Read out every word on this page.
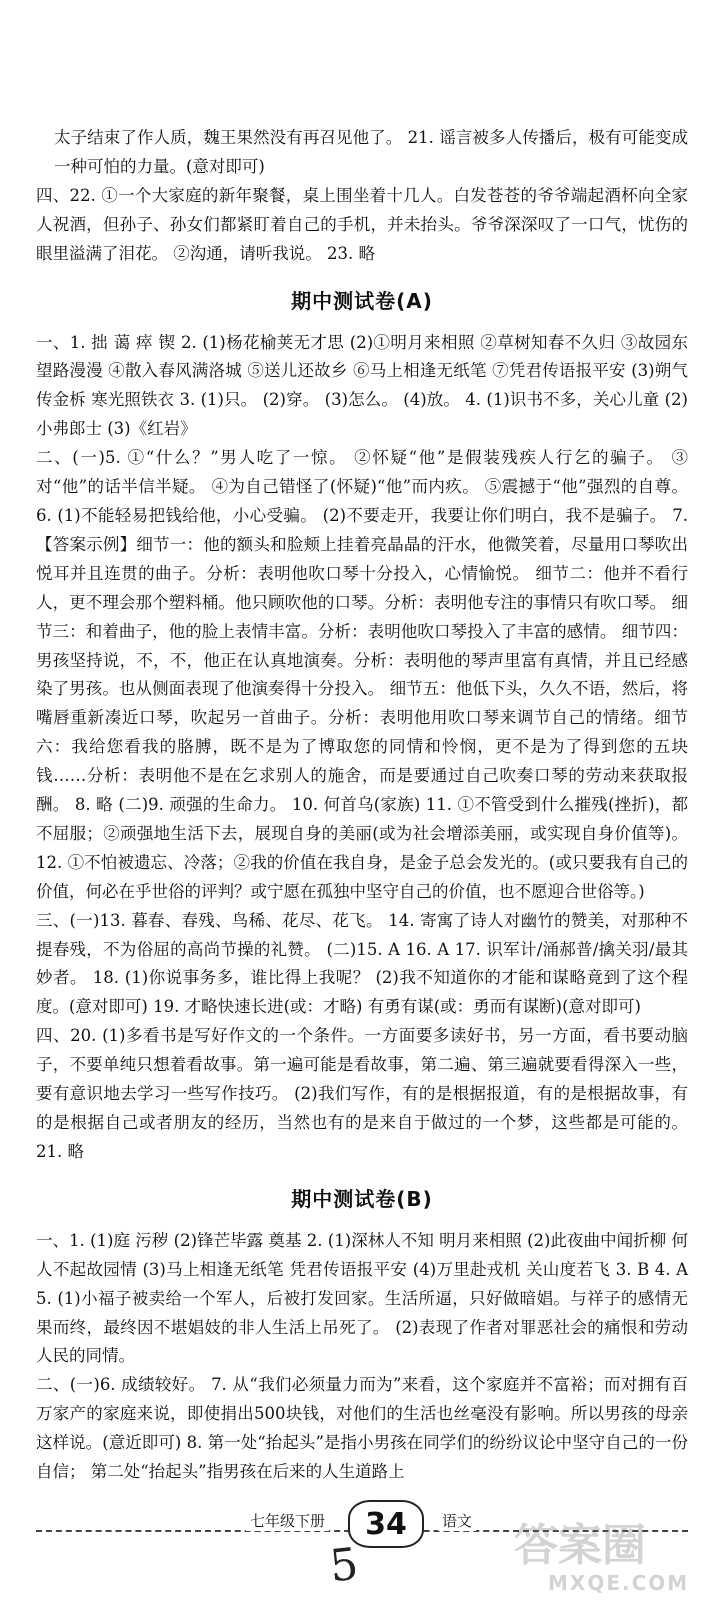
太子结束了作人质，魏王果然没有再召见他了。 21. 谣言被多人传播后，极有可能变成一种可怕的力量。(意对即可)

四、22. ①一个大家庭的新年聚餐，桌上围坐着十几人。白发苍苍的爷爷端起酒杯向全家人祝酒，但孙子、孙女们都紧盯着自己的手机，并未抬头。爷爷深深叹了一口气，忧伤的眼里溢满了泪花。 ②沟通，请听我说。 23. 略

期中测试卷(A)

一、1. 拙 蔼 瘁 锲 2. (1)杨花榆荚无才思 (2)①明月来相照 ②草树知春不久归 ③故园东望路漫漫 ④散入春风满洛城 ⑤送儿还故乡 ⑥马上相逢无纸笔 ⑦凭君传语报平安 (3)朔气传金柝 寒光照铁衣 3. (1)只。 (2)穿。 (3)怎么。 (4)放。 4. (1)识书不多，关心儿童 (2)小弗郎士 (3)《红岩》

二、(一)5. ①“什么？”男人吃了一惊。 ②怀疑“他”是假装残疾人行乞的骗子。 ③对“他”的话半信半疑。 ④为自己错怪了(怀疑)“他”而内疚。 ⑤震撼于“他”强烈的自尊。 6. (1)不能轻易把钱给他，小心受骗。 (2)不要走开，我要让你们明白，我不是骗子。 7.【答案示例】细节一：他的额头和脸颊上挂着亮晶晶的汗水，他微笑着，尽量用口琴吹出悦耳并且连贯的曲子。分析：表明他吹口琴十分投入，心情愉悦。 细节二：他并不看行人，更不理会那个塑料桶。他只顾吹他的口琴。分析：表明他专注的事情只有吹口琴。 细节三：和着曲子，他的脸上表情丰富。分析：表明他吹口琴投入了丰富的感情。 细节四：男孩坚持说，不，不，他正在认真地演奏。分析：表明他的琴声里富有真情，并且已经感染了男孩。也从侧面表现了他演奏得十分投入。 细节五：他低下头，久久不语，然后，将嘴唇重新凑近口琴，吹起另一首曲子。分析：表明他用吹口琴来调节自己的情绪。细节六：我给您看我的胳膊，既不是为了博取您的同情和怜悯，更不是为了得到您的五块钱……分析：表明他不是在乞求别人的施舍，而是要通过自己吹奏口琴的劳动来获取报酬。 8. 略 (二)9. 顽强的生命力。 10. 何首乌(家族) 11. ①不管受到什么摧残(挫折)，都不屈服；②顽强地生活下去，展现自身的美丽(或为社会增添美丽，或实现自身价值等)。 12. ①不怕被遗忘、冷落；②我的价值在我自身，是金子总会发光的。(或只要我有自己的价值，何必在乎世俗的评判？或宁愿在孤独中坚守自己的价值，也不愿迎合世俗等。)

三、(一)13. 暮春、春残、鸟稀、花尽、花飞。 14. 寄寓了诗人对幽竹的赞美，对那种不提春残，不为俗屈的高尚节操的礼赞。 (二)15. A 16. A 17. 识军计/涌郝普/擒关羽/最其妙者。 18. (1)你说事务多，谁比得上我呢？ (2)我不知道你的才能和谋略竟到了这个程度。(意对即可) 19. 才略快速长进(或：才略) 有勇有谋(或：勇而有谋断)(意对即可)

四、20. (1)多看书是写好作文的一个条件。一方面要多读好书，另一方面，看书要动脑子，不要单纯只想着看故事。第一遍可能是看故事，第二遍、第三遍就要看得深入一些，要有意识地去学习一些写作技巧。 (2)我们写作，有的是根据报道，有的是根据故事，有的是根据自己或者朋友的经历，当然也有的是来自于做过的一个梦，这些都是可能的。 21. 略

期中测试卷(B)

一、1. (1)庭 污秽 (2)锋芒毕露 奠基 2. (1)深林人不知 明月来相照 (2)此夜曲中闻折柳 何人不起故园情 (3)马上相逢无纸笔 凭君传语报平安 (4)万里赴戎机 关山度若飞 3. B 4. A 5. (1)小福子被卖给一个军人，后被打发回家。生活所逼，只好做暗娼。与祥子的感情无果而终，最终因不堪娼妓的非人生活上吊死了。 (2)表现了作者对罪恶社会的痛恨和劳动人民的同情。

二、(一)6. 成绩较好。 7. 从“我们必须量力而为”来看，这个家庭并不富裕；而对拥有百万家产的家庭来说，即使捐出500块钱，对他们的生活也丝毫没有影响。所以男孩的母亲这样说。(意近即可) 8. 第一处“抬起头”是指小男孩在同学们的纷纷议论中坚守自己的一份自信； 第二处“抬起头”指男孩在后来的人生道路上

七年级下册 34 语文
5	答案圈
MXQE.COM
